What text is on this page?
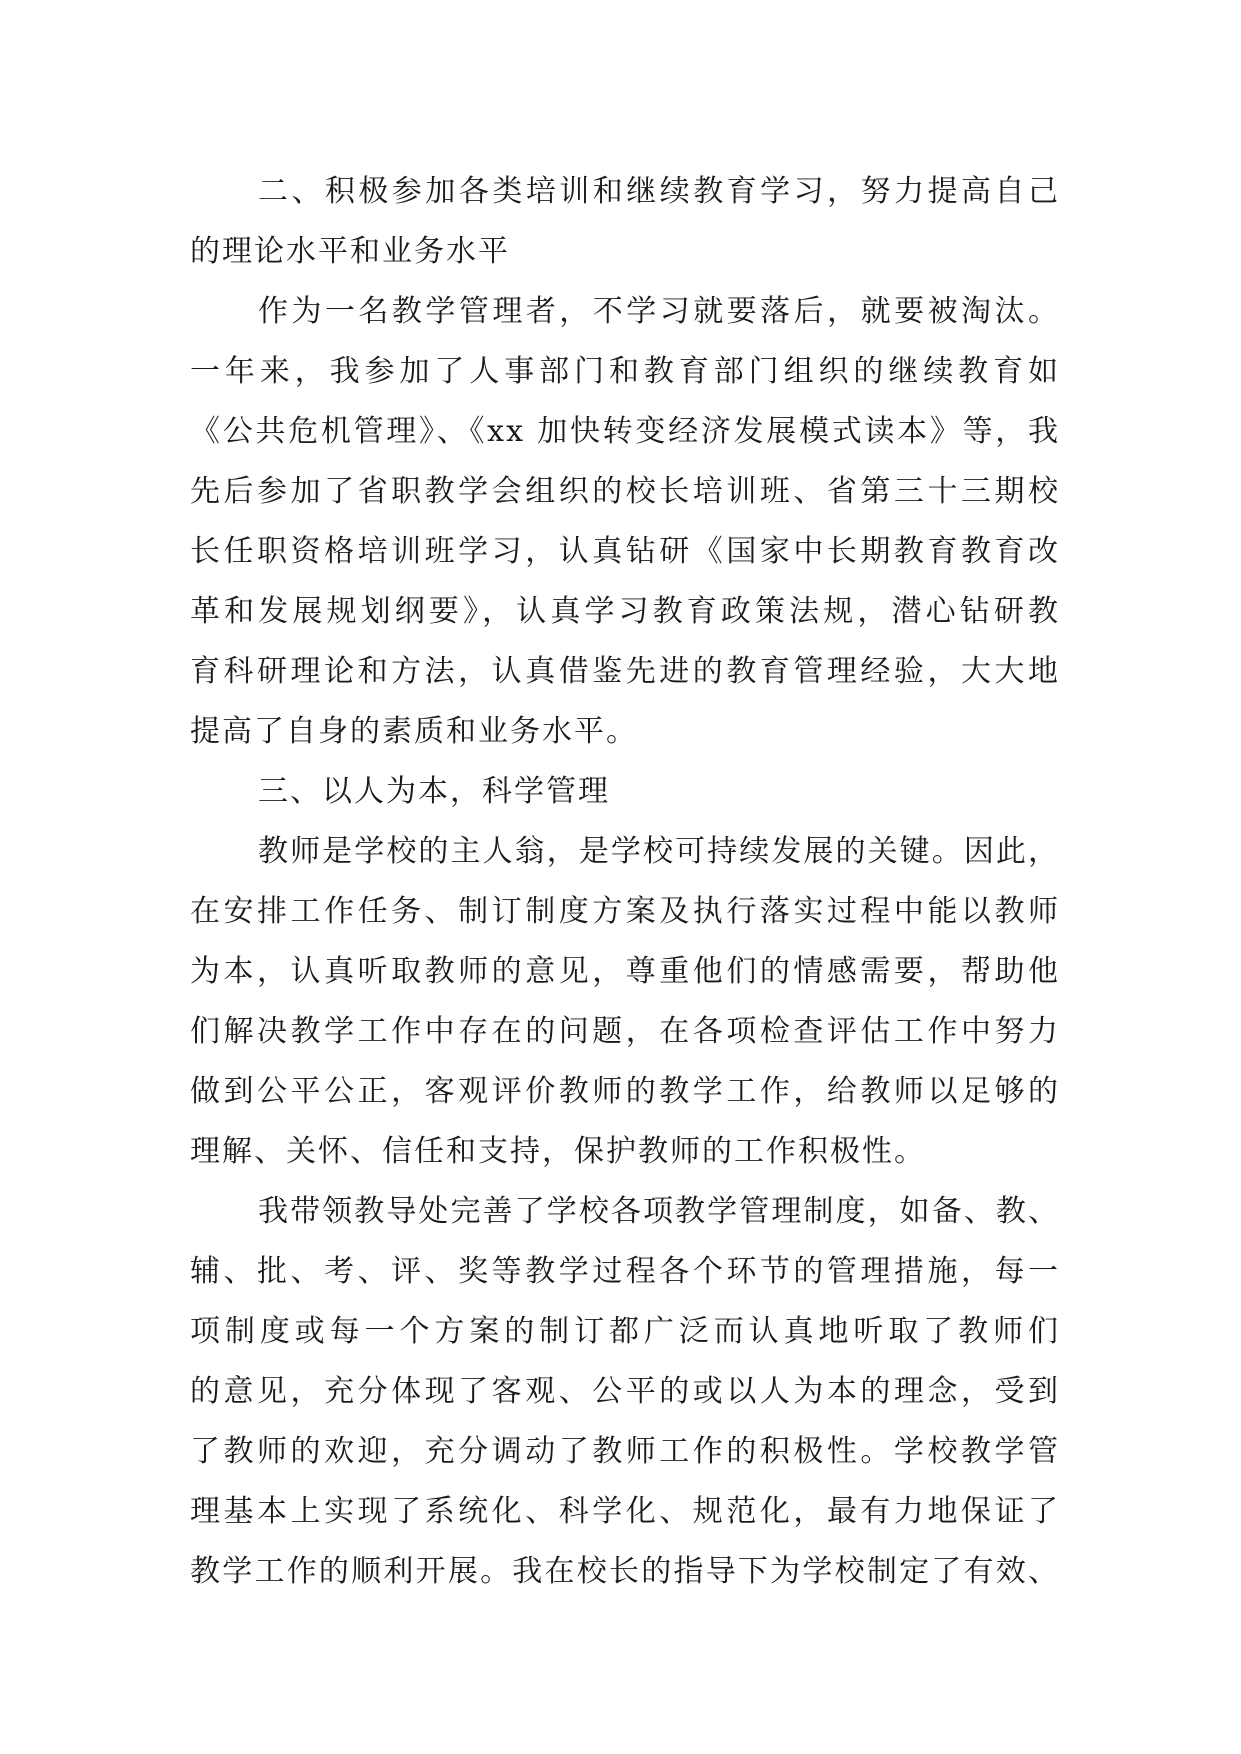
二、积极参加各类培训和继续教育学习，努力提高自己
的理论水平和业务水平
作为一名教学管理者，不学习就要落后，就要被淘汰。
一年来，我参加了人事部门和教育部门组织的继续教育如
《公共危机管理》、《xx 加快转变经济发展模式读本》等，我
先后参加了省职教学会组织的校长培训班、省第三十三期校
长任职资格培训班学习，认真钻研《国家中长期教育教育改
革和发展规划纲要》，认真学习教育政策法规，潜心钻研教
育科研理论和方法，认真借鉴先进的教育管理经验，大大地
提高了自身的素质和业务水平。
三、以人为本，科学管理
教师是学校的主人翁，是学校可持续发展的关键。因此，
在安排工作任务、制订制度方案及执行落实过程中能以教师
为本，认真听取教师的意见，尊重他们的情感需要，帮助他
们解决教学工作中存在的问题，在各项检查评估工作中努力
做到公平公正，客观评价教师的教学工作，给教师以足够的
理解、关怀、信任和支持，保护教师的工作积极性。
我带领教导处完善了学校各项教学管理制度，如备、教、
辅、批、考、评、奖等教学过程各个环节的管理措施，每一
项制度或每一个方案的制订都广泛而认真地听取了教师们
的意见，充分体现了客观、公平的或以人为本的理念，受到
了教师的欢迎，充分调动了教师工作的积极性。学校教学管
理基本上实现了系统化、科学化、规范化，最有力地保证了
教学工作的顺利开展。我在校长的指导下为学校制定了有效、
